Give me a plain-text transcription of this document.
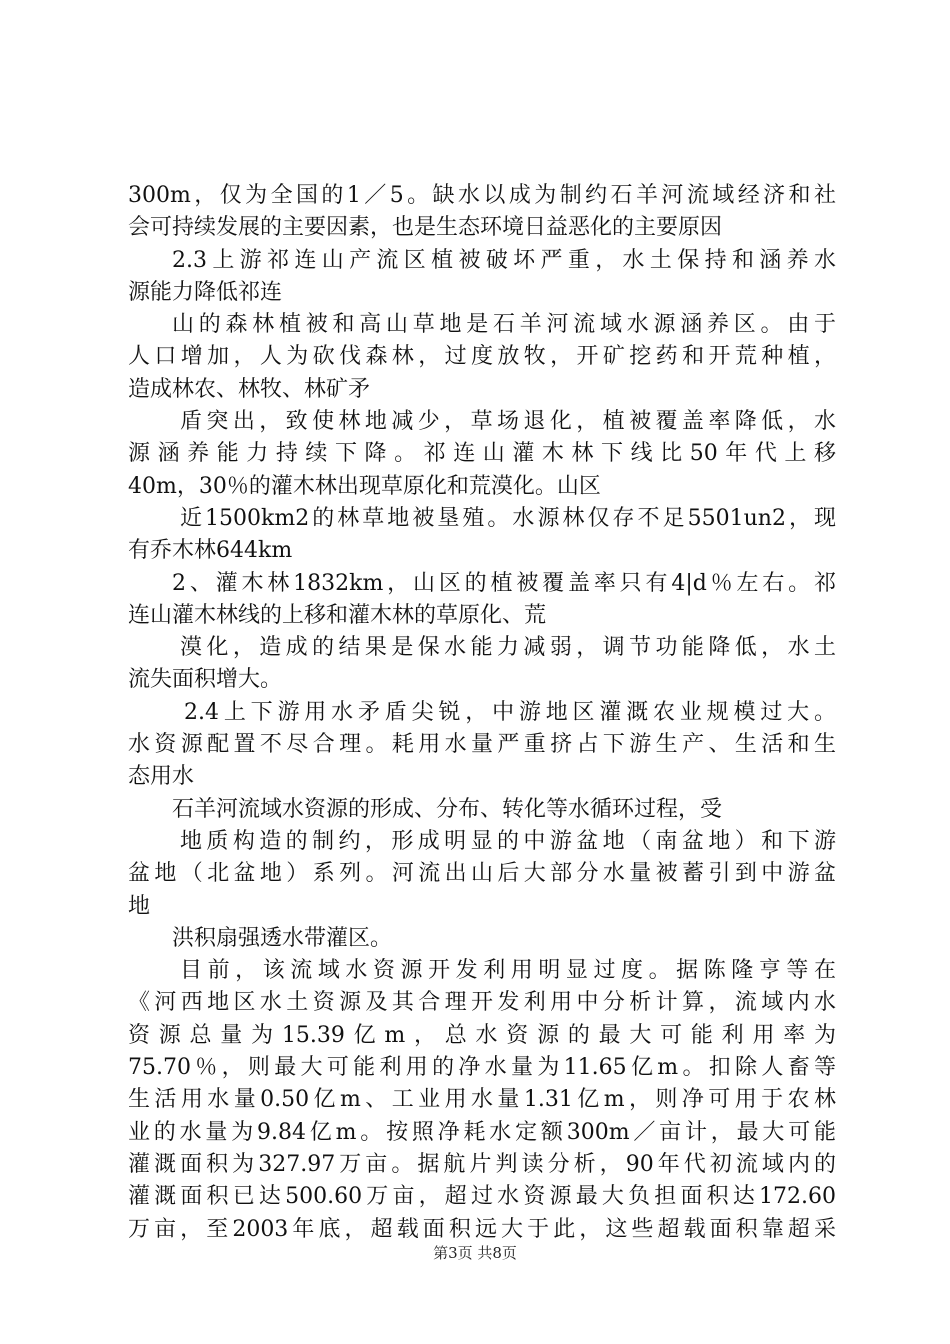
300m，仅为全国的1／5。缺水以成为制约石羊河流域经济和社
会可持续发展的主要因素，也是生态环境日益恶化的主要原因
2.3上游祁连山产流区植被破坏严重，水土保持和涵养水
源能力降低祁连
山的森林植被和高山草地是石羊河流域水源涵养区。由于
人口增加，人为砍伐森林，过度放牧，开矿挖药和开荒种植，
造成林农、林牧、林矿矛
盾突出，致使林地减少，草场退化，植被覆盖率降低，水
源涵养能力持续下降。祁连山灌木林下线比50年代上移
40m，30％的灌木林出现草原化和荒漠化。山区
近1500km2的林草地被垦殖。水源林仅存不足5501un2，现
有乔木林644km
2、灌木林1832km，山区的植被覆盖率只有4|d％左右。祁
连山灌木林线的上移和灌木林的草原化、荒
漠化，造成的结果是保水能力减弱，调节功能降低，水土
流失面积增大。
2.4上下游用水矛盾尖锐，中游地区灌溉农业规模过大。
水资源配置不尽合理。耗用水量严重挤占下游生产、生活和生
态用水
石羊河流域水资源的形成、分布、转化等水循环过程，受
地质构造的制约，形成明显的中游盆地（南盆地）和下游
盆地（北盆地）系列。河流出山后大部分水量被蓄引到中游盆
地
洪积扇强透水带灌区。
目前，该流域水资源开发利用明显过度。据陈隆亨等在
《河西地区水土资源及其合理开发利用中分析计算，流域内水
资源总量为15.39亿m，总水资源的最大可能利用率为
75.70％，则最大可能利用的净水量为11.65亿m。扣除人畜等
生活用水量0.50亿m、工业用水量1.31亿m，则净可用于农林
业的水量为9.84亿m。按照净耗水定额300m／亩计，最大可能
灌溉面积为327.97万亩。据航片判读分析，90年代初流域内的
灌溉面积已达500.60万亩，超过水资源最大负担面积达172.60
万亩，至2003年底，超载面积远大于此，这些超载面积靠超采
第3页 共8页
